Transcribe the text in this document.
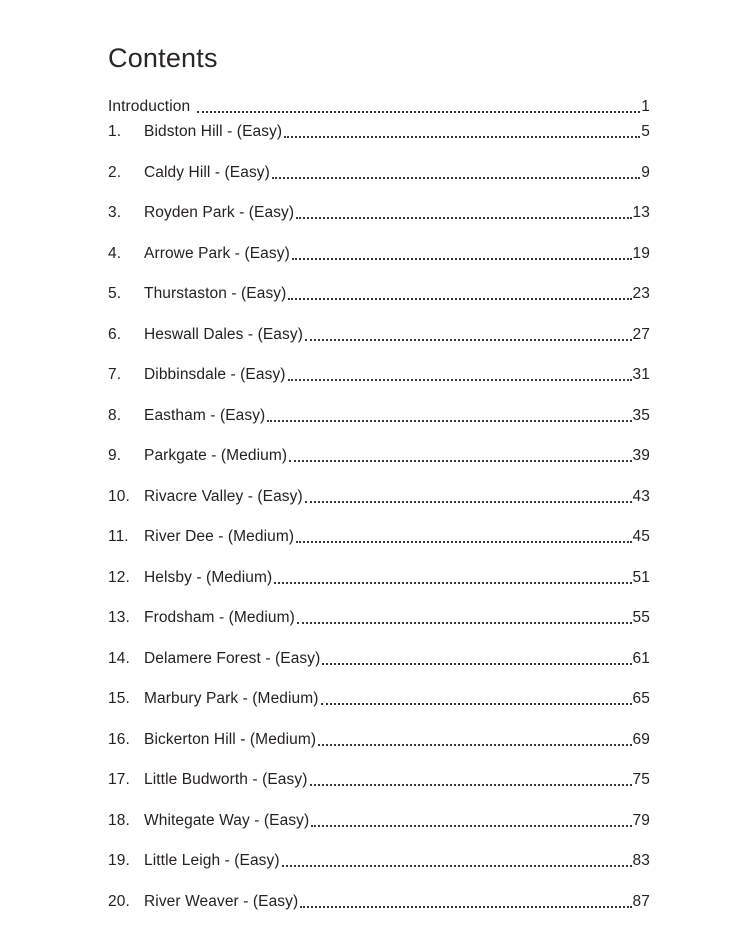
Contents
Introduction	1
1.	Bidston Hill - (Easy)	5
2.	Caldy Hill - (Easy)	9
3.	Royden Park - (Easy)	13
4.	Arrowe Park - (Easy)	19
5.	Thurstaston - (Easy)	23
6.	Heswall Dales - (Easy)	27
7.	Dibbinsdale - (Easy)	31
8.	Eastham - (Easy)	35
9.	Parkgate - (Medium)	39
10. Rivacre Valley - (Easy)	43
11. River Dee - (Medium)	45
12. Helsby - (Medium)	51
13. Frodsham - (Medium)	55
14. Delamere Forest - (Easy)	61
15. Marbury Park - (Medium)	65
16. Bickerton Hill - (Medium)	69
17. Little Budworth - (Easy)	75
18. Whitegate Way - (Easy)	79
19. Little Leigh - (Easy)	83
20. River Weaver - (Easy)	87
